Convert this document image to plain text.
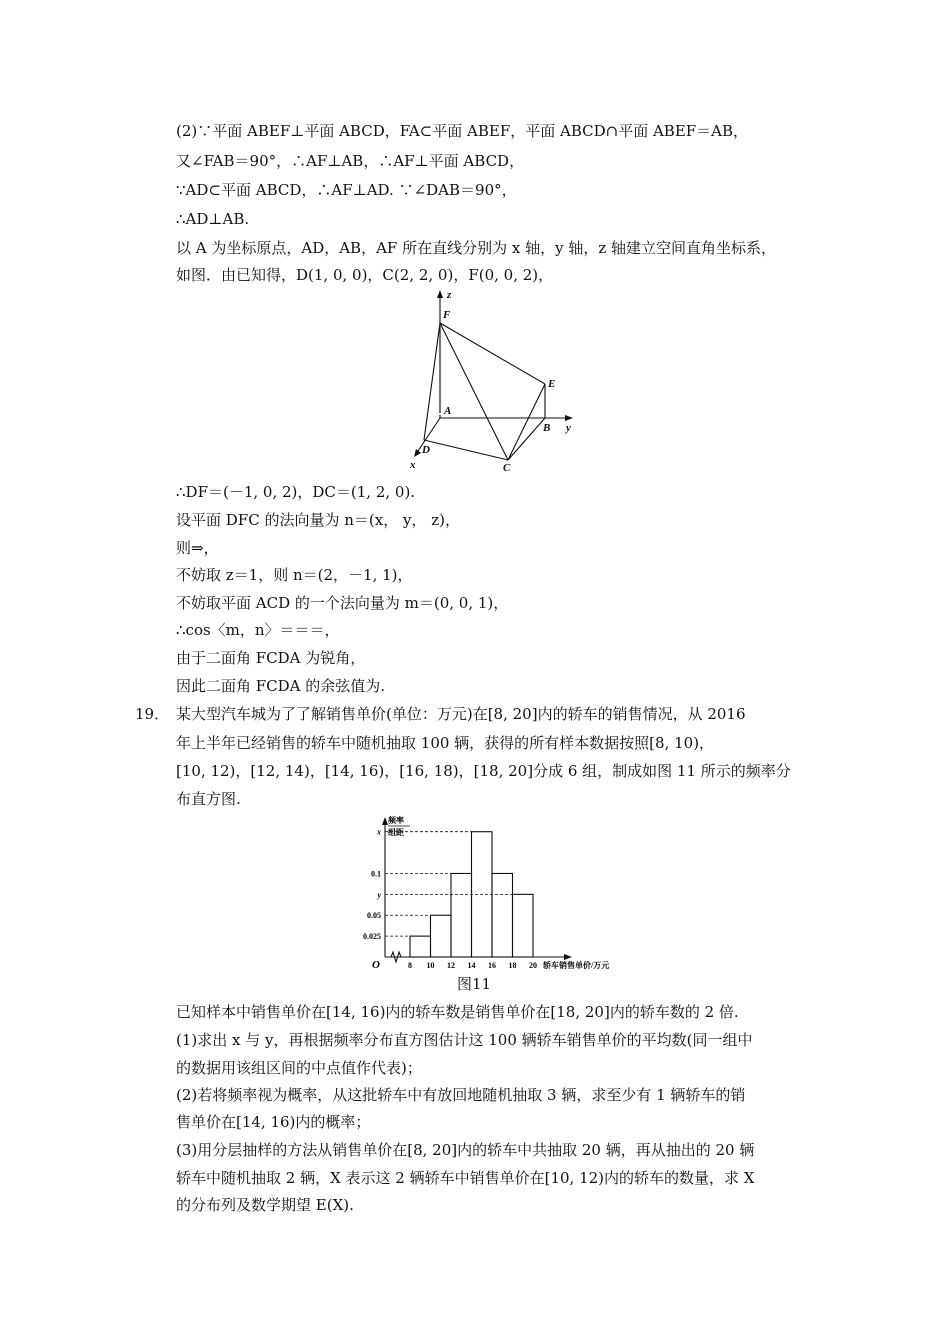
(2)∵平面 ABEF⊥平面 ABCD，FA⊂平面 ABEF，平面 ABCD∩平面 ABEF＝AB，
又∠FAB＝90°，∴AF⊥AB，∴AF⊥平面 ABCD，
∵AD⊂平面 ABCD，∴AF⊥AD. ∵∠DAB＝90°，
∴AD⊥AB.
以 A 为坐标原点，AD，AB，AF 所在直线分别为 x 轴，y 轴，z 轴建立空间直角坐标系，
如图．由已知得，D(1, 0, 0)，C(2, 2, 0)，F(0, 0, 2)，
z
F
E
A
B y
D
C
x
∴DF＝(－1, 0, 2)，DC＝(1, 2, 0).
设平面 DFC 的法向量为 n＝(x， y， z)，
则⇒，
不妨取 z＝1，则 n＝(2，－1, 1)，
不妨取平面 ACD 的一个法向量为 m＝(0, 0, 1)，
∴cos〈m，n〉＝＝＝，
由于二面角 FCDA 为锐角，
因此二面角 FCDA 的余弦值为.
19． 某大型汽车城为了了解销售单价(单位：万元)在[8, 20]内的轿车的销售情况，从 2016
年上半年已经销售的轿车中随机抽取 100 辆，获得的所有样本数据按照[8, 10)，
[10, 12)，[12, 14)，[14, 16)，[16, 18)，[18, 20]分成 6 组，制成如图 11 所示的频率分
布直方图.
频率
组距
O	轿车销售单价/万元
0.025
0.05
0.1
x
y
8 10 12 14 16 18 20
图11
已知样本中销售单价在[14, 16)内的轿车数是销售单价在[18, 20]内的轿车数的 2 倍.
(1)求出 x 与 y，再根据频率分布直方图估计这 100 辆轿车销售单价的平均数(同一组中
的数据用该组区间的中点值作代表)；
(2)若将频率视为概率，从这批轿车中有放回地随机抽取 3 辆，求至少有 1 辆轿车的销
售单价在[14, 16)内的概率；
(3)用分层抽样的方法从销售单价在[8, 20]内的轿车中共抽取 20 辆，再从抽出的 20 辆
轿车中随机抽取 2 辆，X 表示这 2 辆轿车中销售单价在[10, 12)内的轿车的数量，求 X
的分布列及数学期望 E(X).
